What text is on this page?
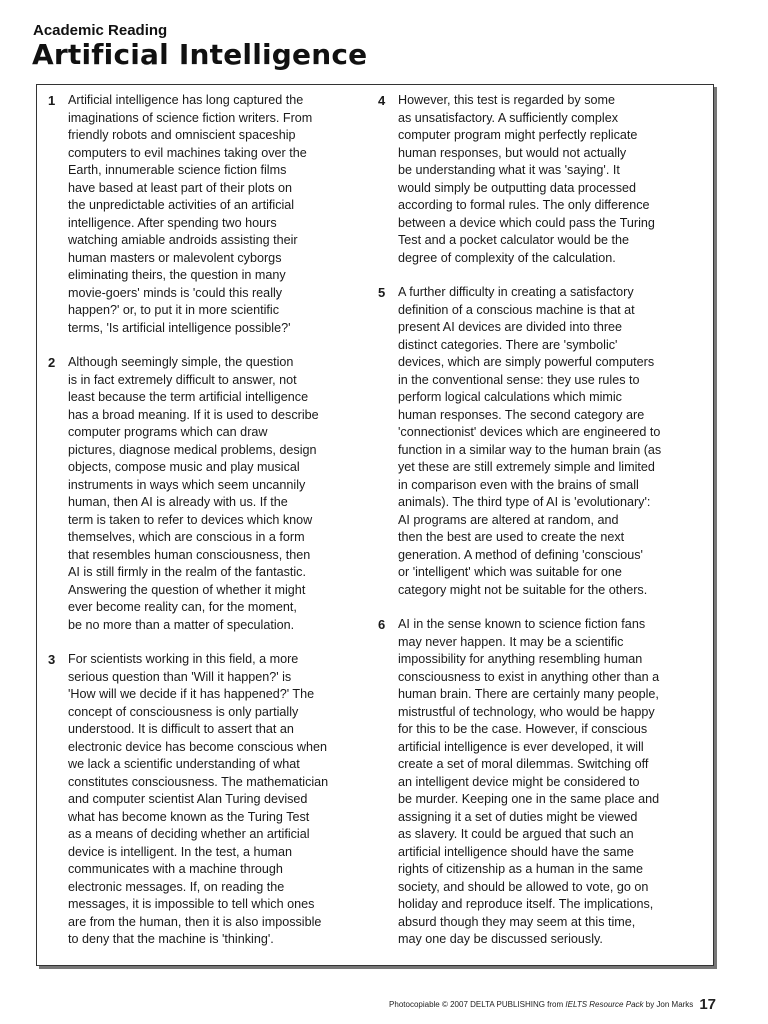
Academic Reading
Artificial Intelligence
1 Artificial intelligence has long captured the
imaginations of science fiction writers. From
friendly robots and omniscient spaceship
computers to evil machines taking over the
Earth, innumerable science fiction films
have based at least part of their plots on
the unpredictable activities of an artificial
intelligence. After spending two hours
watching amiable androids assisting their
human masters or malevolent cyborgs
eliminating theirs, the question in many
movie-goers' minds is 'could this really
happen?' or, to put it in more scientific
terms, 'Is artificial intelligence possible?'
2 Although seemingly simple, the question
is in fact extremely difficult to answer, not
least because the term artificial intelligence
has a broad meaning. If it is used to describe
computer programs which can draw
pictures, diagnose medical problems, design
objects, compose music and play musical
instruments in ways which seem uncannily
human, then AI is already with us. If the
term is taken to refer to devices which know
themselves, which are conscious in a form
that resembles human consciousness, then
AI is still firmly in the realm of the fantastic.
Answering the question of whether it might
ever become reality can, for the moment,
be no more than a matter of speculation.
3 For scientists working in this field, a more
serious question than 'Will it happen?' is
'How will we decide if it has happened?' The
concept of consciousness is only partially
understood. It is difficult to assert that an
electronic device has become conscious when
we lack a scientific understanding of what
constitutes consciousness. The mathematician
and computer scientist Alan Turing devised
what has become known as the Turing Test
as a means of deciding whether an artificial
device is intelligent. In the test, a human
communicates with a machine through
electronic messages. If, on reading the
messages, it is impossible to tell which ones
are from the human, then it is also impossible
to deny that the machine is 'thinking'.
4 However, this test is regarded by some
as unsatisfactory. A sufficiently complex
computer program might perfectly replicate
human responses, but would not actually
be understanding what it was 'saying'. It
would simply be outputting data processed
according to formal rules. The only difference
between a device which could pass the Turing
Test and a pocket calculator would be the
degree of complexity of the calculation.
5 A further difficulty in creating a satisfactory
definition of a conscious machine is that at
present AI devices are divided into three
distinct categories. There are 'symbolic'
devices, which are simply powerful computers
in the conventional sense: they use rules to
perform logical calculations which mimic
human responses. The second category are
'connectionist' devices which are engineered to
function in a similar way to the human brain (as
yet these are still extremely simple and limited
in comparison even with the brains of small
animals). The third type of AI is 'evolutionary':
AI programs are altered at random, and
then the best are used to create the next
generation. A method of defining 'conscious'
or 'intelligent' which was suitable for one
category might not be suitable for the others.
6 AI in the sense known to science fiction fans
may never happen. It may be a scientific
impossibility for anything resembling human
consciousness to exist in anything other than a
human brain. There are certainly many people,
mistrustful of technology, who would be happy
for this to be the case. However, if conscious
artificial intelligence is ever developed, it will
create a set of moral dilemmas. Switching off
an intelligent device might be considered to
be murder. Keeping one in the same place and
assigning it a set of duties might be viewed
as slavery. It could be argued that such an
artificial intelligence should have the same
rights of citizenship as a human in the same
society, and should be allowed to vote, go on
holiday and reproduce itself. The implications,
absurd though they may seem at this time,
may one day be discussed seriously.
Photocopiable © 2007 DELTA PUBLISHING from IELTS Resource Pack by Jon Marks 17
